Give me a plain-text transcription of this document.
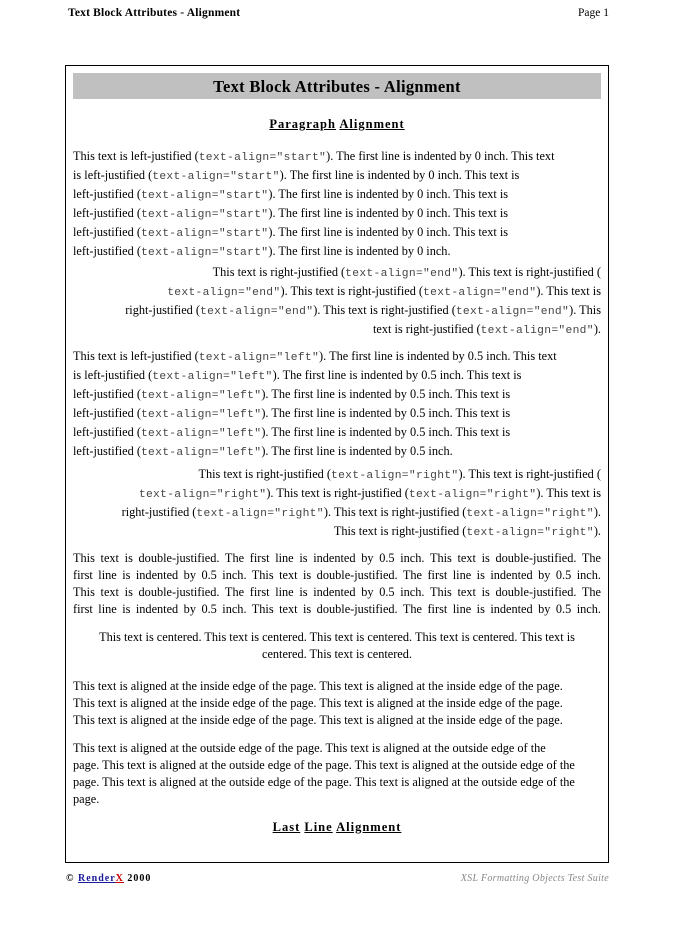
Text Block Attributes - Alignment	Page 1
Text Block Attributes - Alignment
Paragraph Alignment
This text is left-justified (text-align="start"). The first line is indented by 0 inch. This text
is left-justified (text-align="start"). The first line is indented by 0 inch. This text is
left-justified (text-align="start"). The first line is indented by 0 inch. This text is
left-justified (text-align="start"). The first line is indented by 0 inch. This text is
left-justified (text-align="start"). The first line is indented by 0 inch. This text is
left-justified (text-align="start"). The first line is indented by 0 inch.
This text is right-justified (text-align="end"). This text is right-justified (
text-align="end"). This text is right-justified (text-align="end"). This text is
right-justified (text-align="end"). This text is right-justified (text-align="end"). This
text is right-justified (text-align="end").
This text is left-justified (text-align="left"). The first line is indented by 0.5 inch. This text
is left-justified (text-align="left"). The first line is indented by 0.5 inch. This text is
left-justified (text-align="left"). The first line is indented by 0.5 inch. This text is
left-justified (text-align="left"). The first line is indented by 0.5 inch. This text is
left-justified (text-align="left"). The first line is indented by 0.5 inch. This text is
left-justified (text-align="left"). The first line is indented by 0.5 inch.
This text is right-justified (text-align="right"). This text is right-justified (
text-align="right"). This text is right-justified (text-align="right"). This text is
right-justified (text-align="right"). This text is right-justified (text-align="right").
This text is right-justified (text-align="right").
This text is double-justified. The first line is indented by 0.5 inch. This text is double-justified. The
first line is indented by 0.5 inch. This text is double-justified. The first line is indented by 0.5 inch.
This text is double-justified. The first line is indented by 0.5 inch. This text is double-justified. The
first line is indented by 0.5 inch. This text is double-justified. The first line is indented by 0.5 inch.
This text is centered. This text is centered. This text is centered. This text is centered. This text is
centered. This text is centered.
This text is aligned at the inside edge of the page. This text is aligned at the inside edge of the page.
This text is aligned at the inside edge of the page. This text is aligned at the inside edge of the page.
This text is aligned at the inside edge of the page. This text is aligned at the inside edge of the page.
This text is aligned at the outside edge of the page. This text is aligned at the outside edge of the
page. This text is aligned at the outside edge of the page. This text is aligned at the outside edge of the
page. This text is aligned at the outside edge of the page. This text is aligned at the outside edge of the
page.
Last Line Alignment
© RenderX 2000	XSL Formatting Objects Test Suite
